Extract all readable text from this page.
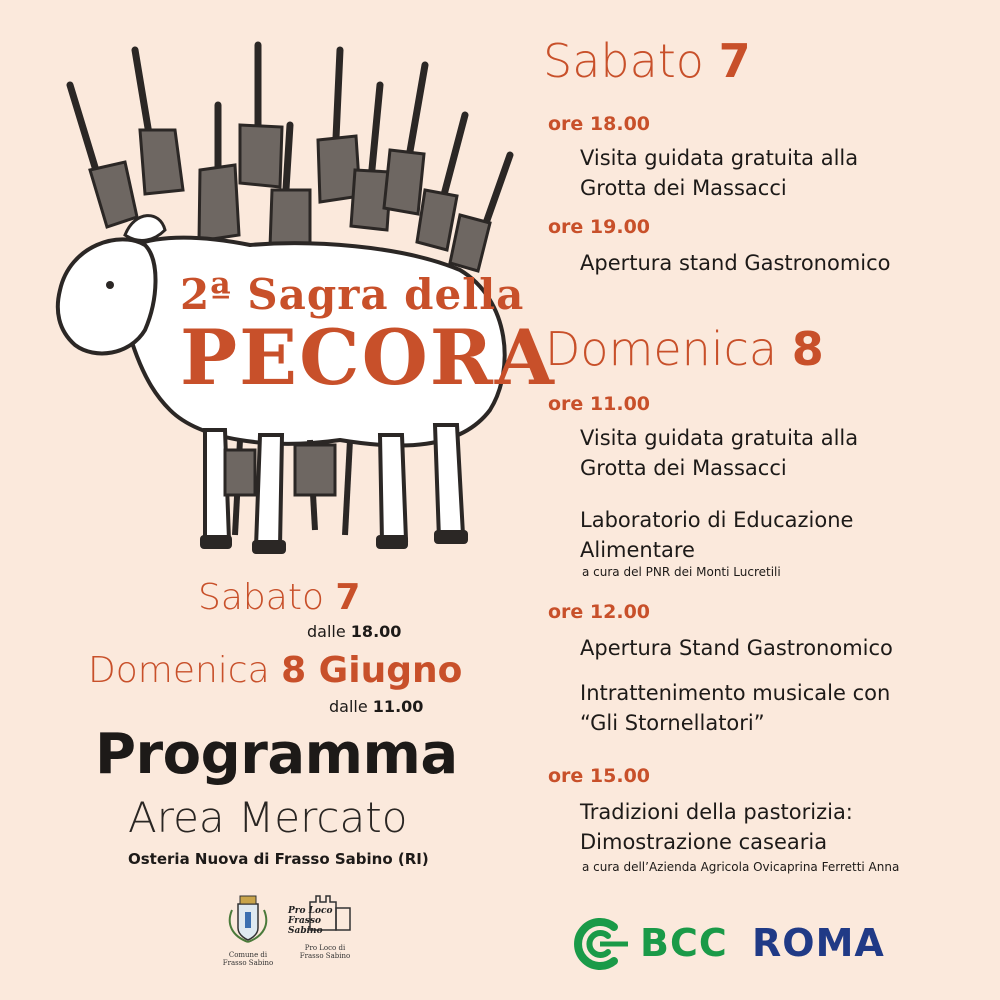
2ª Sagra della
PECORA
Sabato 7
dalle 18.00
Domenica 8 Giugno
dalle 11.00
Programma
Area Mercato
Osteria Nuova di Frasso Sabino (RI)
Comune di
Frasso Sabino
Pro Loco Frasso Sabino
Pro Loco di
Frasso Sabino
Sabato 7
ore 18.00
Visita guidata gratuita alla
Grotta dei Massacci
ore 19.00
Apertura stand Gastronomico
Domenica 8
ore 11.00
Visita guidata gratuita alla
Grotta dei Massacci
Laboratorio di Educazione
Alimentare
a cura del PNR dei Monti Lucretili
ore 12.00
Apertura Stand Gastronomico
Intrattenimento musicale con
“Gli Stornellatori”
ore 15.00
Tradizioni della pastorizia:
Dimostrazione casearia
a cura dell’Azienda Agricola Ovicaprina Ferretti Anna
BCC ROMA
